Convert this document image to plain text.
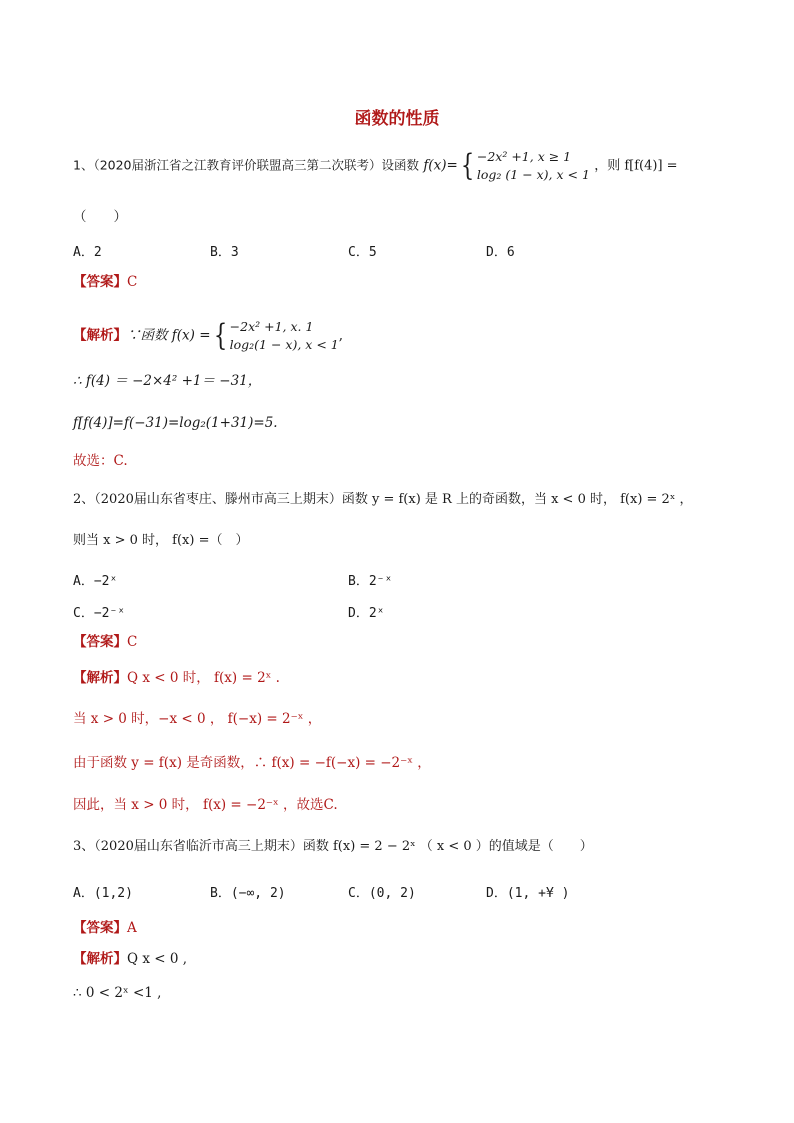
函数的性质
1、（2020届浙江省之江教育评价联盟高三第二次联考）设函数 f(x)={ −2x² +1, x ≥ 1
log₂ (1 − x), x < 1
，则 f[f(4)] =
（　　）
A．2	B．3	C．5	D．6
【答案】C
【解析】∵函数 f(x) ={ −2x² +1, x. 1
log₂(1 − x), x < 1
,
∴ f(4) ＝ −2×4² +1＝ −31，
f[f(4)]=f(−31)=log₂(1+31)=5.
故选：C.
2、（2020届山东省枣庄、滕州市高三上期末）函数 y = f(x) 是 R 上的奇函数，当 x < 0 时， f(x) = 2ˣ ，
则当 x > 0 时， f(x) =（　）
A．−2ˣ	B．2⁻ˣ
C．−2⁻ˣ	D．2ˣ
【答案】C
【解析】Q x < 0 时， f(x) = 2ˣ .
当 x > 0 时，−x < 0 ， f(−x) = 2⁻ˣ ，
由于函数 y = f(x) 是奇函数，∴ f(x) = −f(−x) = −2⁻ˣ ，
因此，当 x > 0 时， f(x) = −2⁻ˣ ，故选C.
3、（2020届山东省临沂市高三上期末）函数 f(x) = 2 − 2ˣ （ x < 0 ）的值域是（　　）
A．(1,2)	B．(−∞, 2)	C．(0, 2)	D．(1, +¥ )
【答案】A
【解析】Q x < 0 ,
∴ 0 < 2ˣ <1 ,
